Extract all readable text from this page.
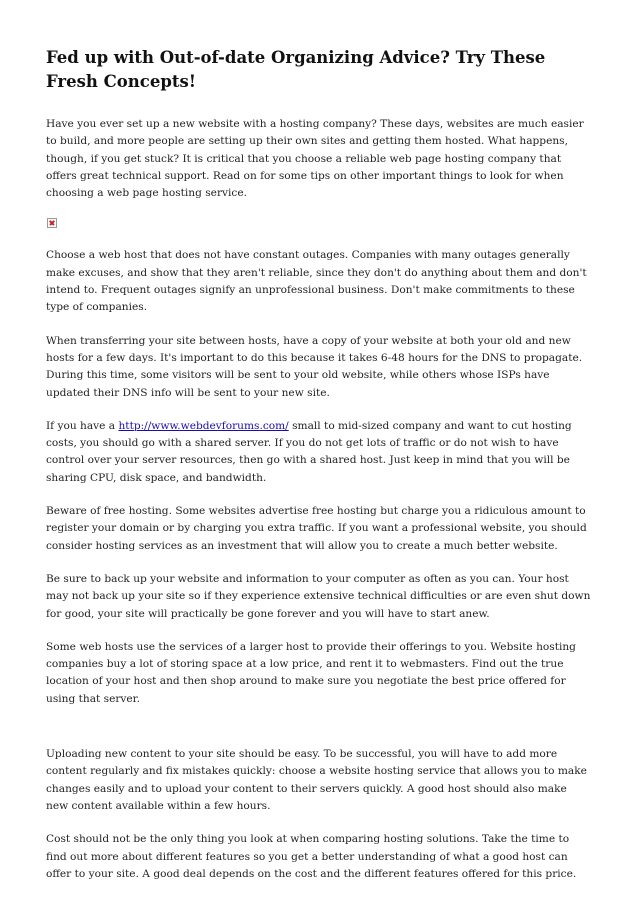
Fed up with Out-of-date Organizing Advice? Try These Fresh Concepts!

Have you ever set up a new website with a hosting company? These days, websites are much easier to build, and more people are setting up their own sites and getting them hosted. What happens, though, if you get stuck? It is critical that you choose a reliable web page hosting company that offers great technical support. Read on for some tips on other important things to look for when choosing a web page hosting service.

Choose a web host that does not have constant outages. Companies with many outages generally make excuses, and show that they aren't reliable, since they don't do anything about them and don't intend to. Frequent outages signify an unprofessional business. Don't make commitments to these type of companies.

When transferring your site between hosts, have a copy of your website at both your old and new hosts for a few days. It's important to do this because it takes 6-48 hours for the DNS to propagate. During this time, some visitors will be sent to your old website, while others whose ISPs have updated their DNS info will be sent to your new site.

If you have a http://www.webdevforums.com/ small to mid-sized company and want to cut hosting costs, you should go with a shared server. If you do not get lots of traffic or do not wish to have control over your server resources, then go with a shared host. Just keep in mind that you will be sharing CPU, disk space, and bandwidth.

Beware of free hosting. Some websites advertise free hosting but charge you a ridiculous amount to register your domain or by charging you extra traffic. If you want a professional website, you should consider hosting services as an investment that will allow you to create a much better website.

Be sure to back up your website and information to your computer as often as you can. Your host may not back up your site so if they experience extensive technical difficulties or are even shut down for good, your site will practically be gone forever and you will have to start anew.

Some web hosts use the services of a larger host to provide their offerings to you. Website hosting companies buy a lot of storing space at a low price, and rent it to webmasters. Find out the true location of your host and then shop around to make sure you negotiate the best price offered for using that server.

Uploading new content to your site should be easy. To be successful, you will have to add more content regularly and fix mistakes quickly: choose a website hosting service that allows you to make changes easily and to upload your content to their servers quickly. A good host should also make new content available within a few hours.

Cost should not be the only thing you look at when comparing hosting solutions. Take the time to find out more about different features so you get a better understanding of what a good host can offer to your site. A good deal depends on the cost and the different features offered for this price.
